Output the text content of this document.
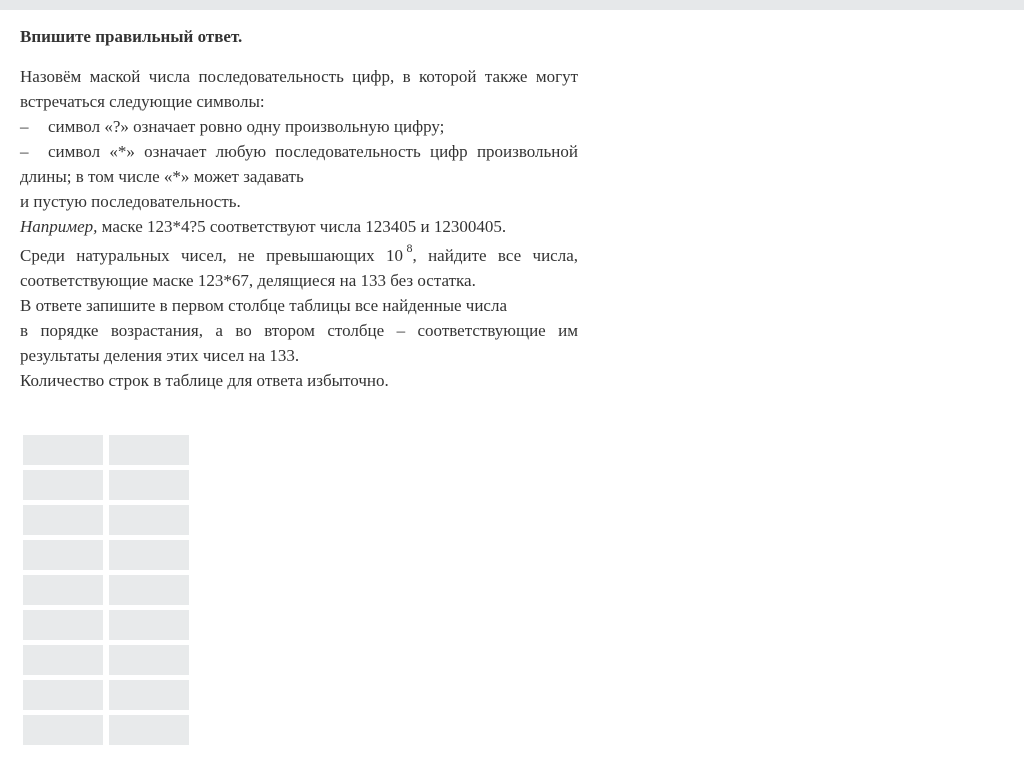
Впишите правильный ответ.

Назовём маской числа последовательность цифр, в которой также могут

встречаться следующие символы:

– символ «?» означает ровно одну произвольную цифру;

– символ «*» означает любую последовательность цифр произвольной

длины; в том числе «*» может задавать

и пустую последовательность.

Например, маске 123*4?5 соответствуют числа 123405 и 12300405.

Среди натуральных чисел, не превышающих 10  $^8$, найдите все числа,

соответствующие маске 123*67, делящиеся на 133 без остатка.

В ответе запишите в первом столбце таблицы все найденные числа

в порядке возрастания, а во втором столбце – соответствующие им

результаты деления этих чисел на 133.

Количество строк в таблице для ответа избыточно.
